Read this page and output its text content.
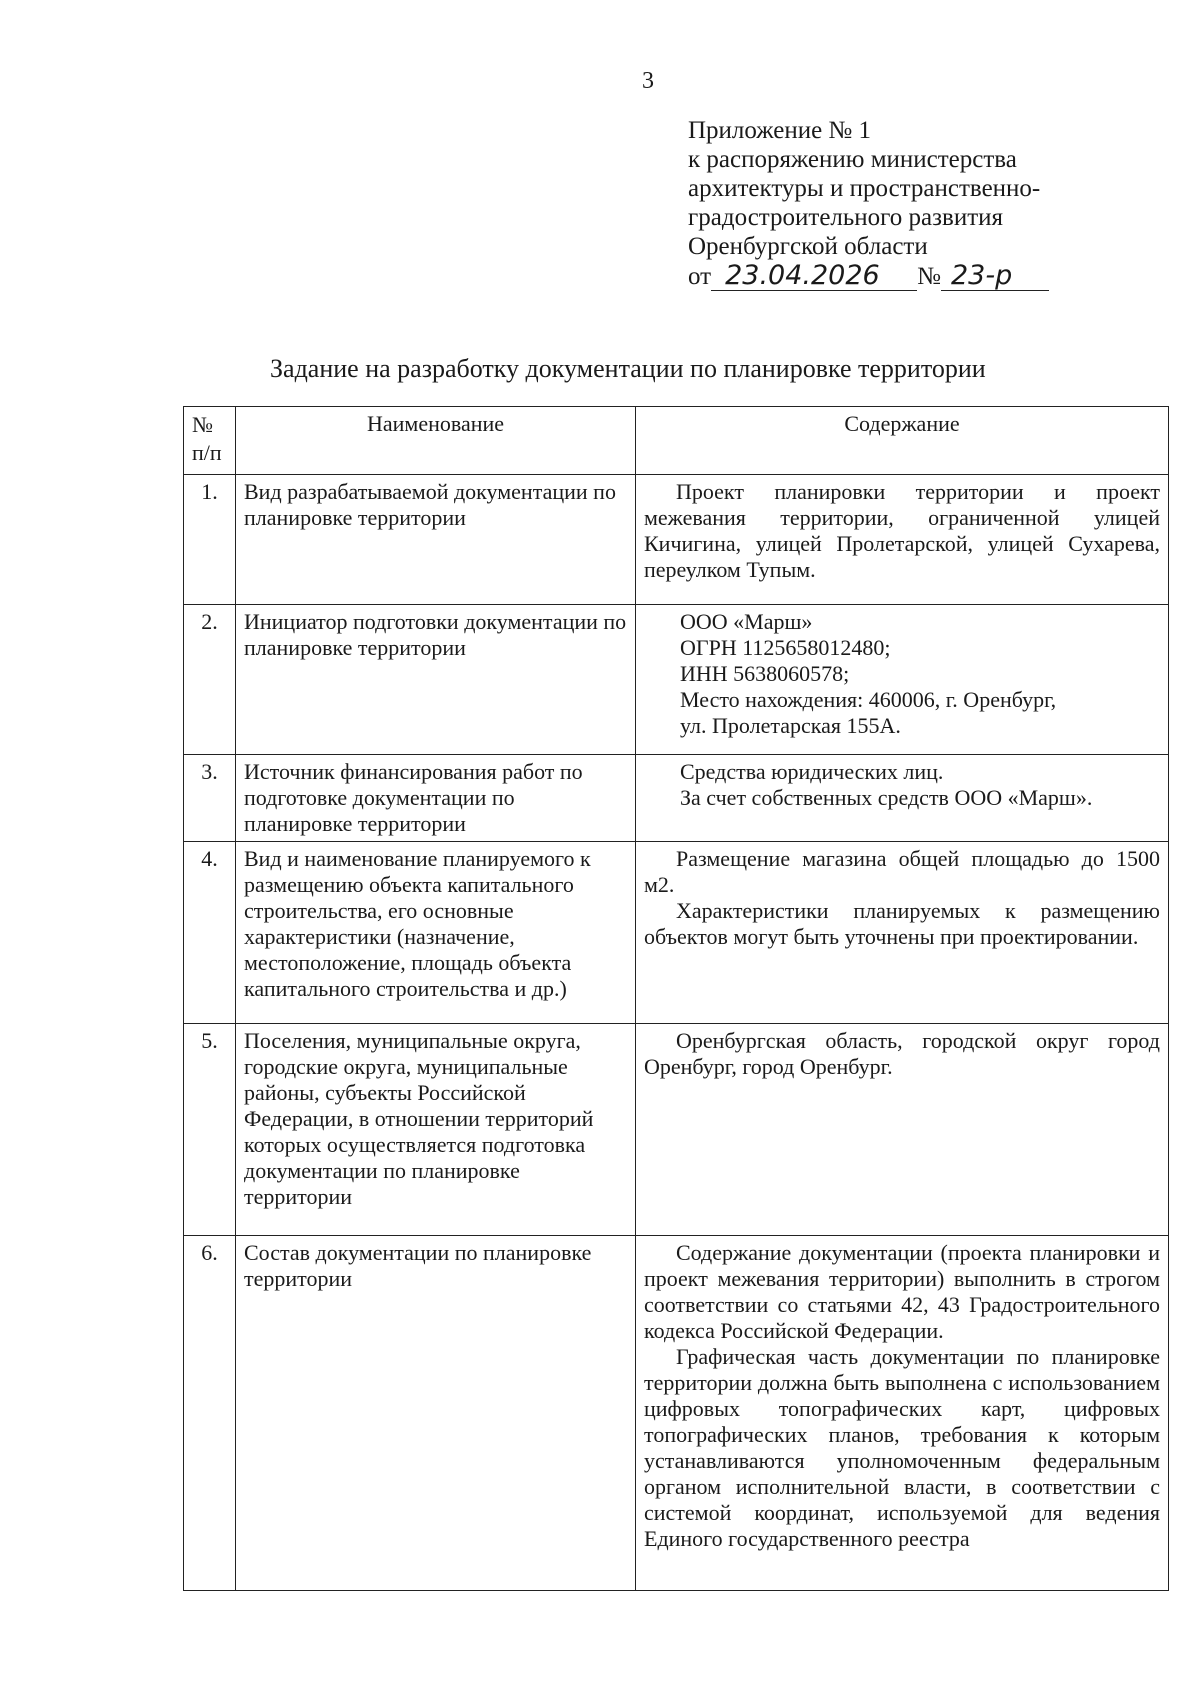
3
Приложение № 1
к распоряжению министерства
архитектуры и пространственно-
градостроительного развития
Оренбургской области
от 23.04.2026 № 23-р
Задание на разработку документации по планировке территории
№ п/п	Наименование	Содержание
1.	Вид разрабатываемой документации по планировке территории	Проект планировки территории и проект межевания территории, ограниченной улицей Кичигина, улицей Пролетарской, улицей Сухарева, переулком Тупым.
2.	Инициатор подготовки документации по планировке территории	ООО «Марш»
ОГРН 1125658012480;
ИНН 5638060578;
Место нахождения: 460006, г. Оренбург,
ул. Пролетарская 155А.

3.	Источник финансирования работ по подготовке документации по планировке территории	Средства юридических лиц.
За счет собственных средств ООО «Марш».

4.	Вид и наименование планируемого к размещению объекта капитального строительства, его основные характеристики (назначение, местоположение, площадь объекта капитального строительства и др.)	Размещение магазина общей площадью до 1500 м2.
Характеристики планируемых к размещению объектов могут быть уточнены при проектировании.

5.	Поселения, муниципальные округа, городские округа, муниципальные районы, субъекты Российской Федерации, в отношении территорий которых осуществляется подготовка документации по планировке территории	Оренбургская область, городской округ город Оренбург, город Оренбург.
6.	Состав документации по планировке территории	Содержание документации (проекта планировки и проект межевания территории) выполнить в строгом соответствии со статьями 42, 43 Градостроительного кодекса Российской Федерации.
Графическая часть документации по планировке территории должна быть выполнена с использованием цифровых топографических карт, цифровых топографических планов, требования к которым устанавливаются уполномоченным федеральным органом исполнительной власти, в соответствии с системой координат, используемой для ведения Единого государственного реестра
